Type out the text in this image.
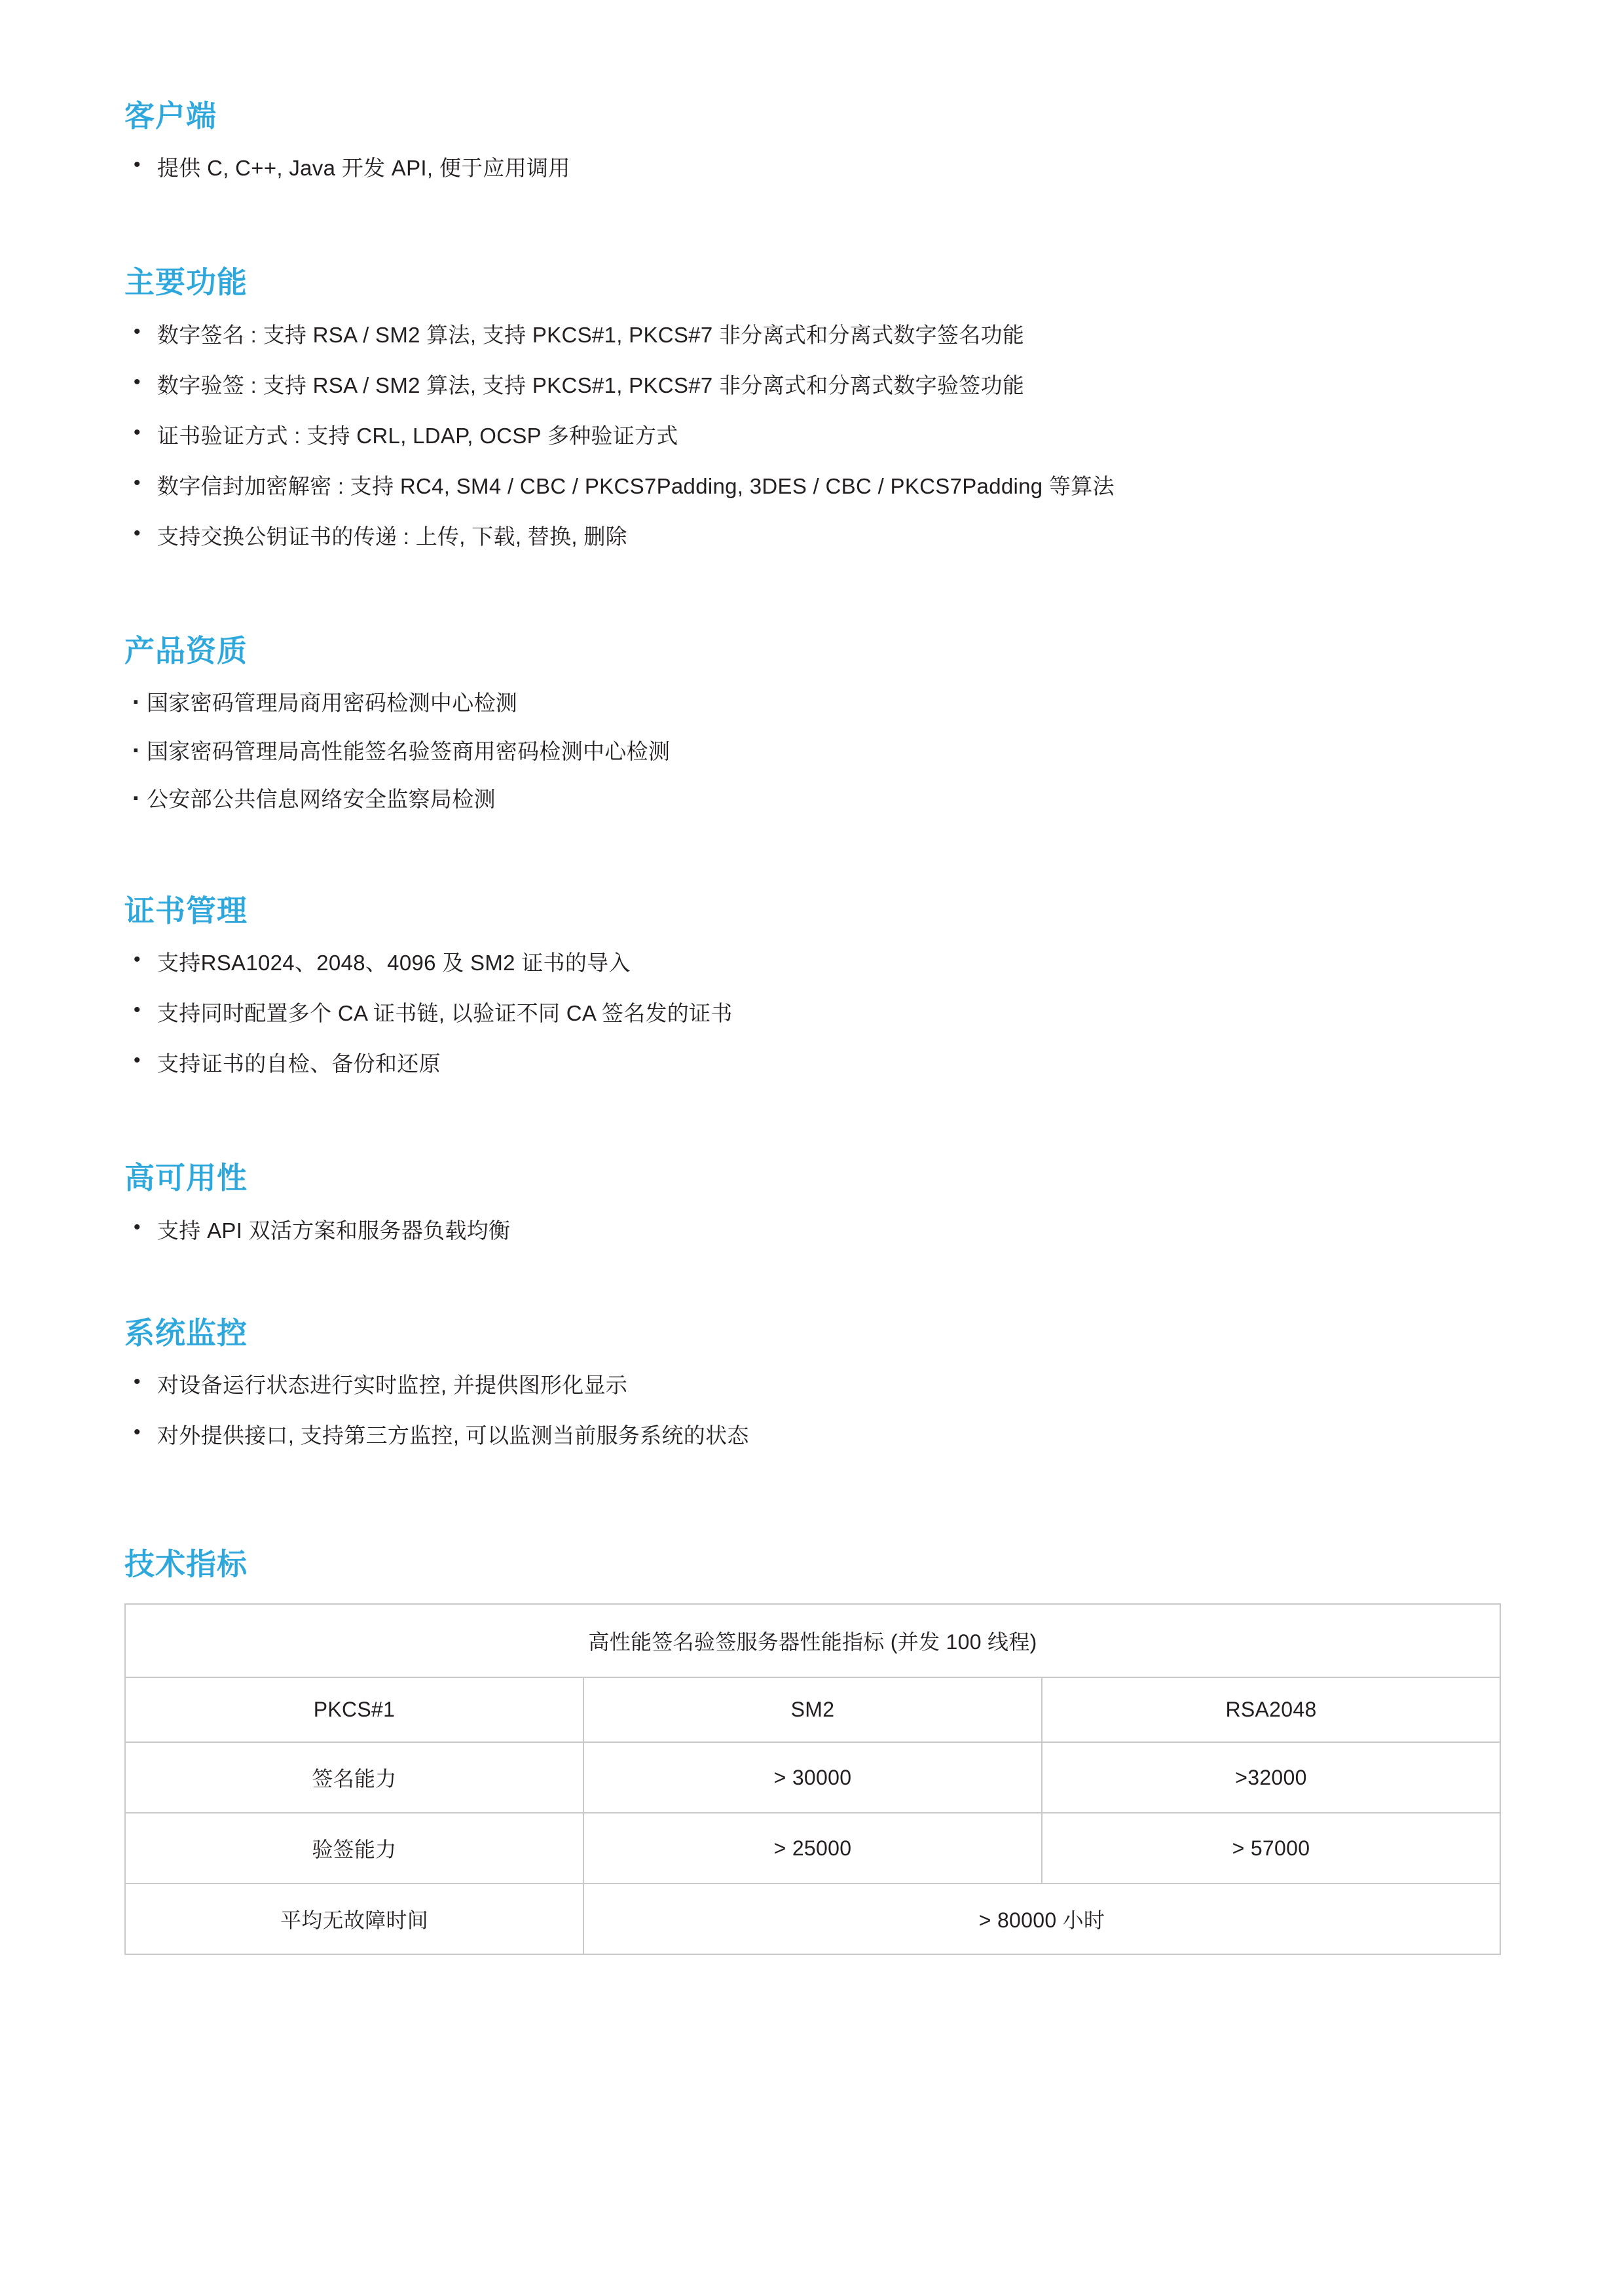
客户端
• 提供 C, C++, Java 开发 API, 便于应用调用
主要功能
• 数字签名 : 支持 RSA / SM2 算法, 支持 PKCS#1, PKCS#7 非分离式和分离式数字签名功能
• 数字验签 : 支持 RSA / SM2 算法, 支持 PKCS#1, PKCS#7 非分离式和分离式数字验签功能
• 证书验证方式 : 支持 CRL, LDAP, OCSP 多种验证方式
• 数字信封加密解密 : 支持 RC4, SM4 / CBC / PKCS7Padding, 3DES / CBC / PKCS7Padding 等算法
• 支持交换公钥证书的传递 : 上传, 下载, 替换, 删除
产品资质
· 国家密码管理局商用密码检测中心检测
· 国家密码管理局高性能签名验签商用密码检测中心检测
· 公安部公共信息网络安全监察局检测
证书管理
• 支持RSA1024、2048、4096 及 SM2 证书的导入
• 支持同时配置多个 CA 证书链, 以验证不同 CA 签名发的证书
• 支持证书的自检、备份和还原
高可用性
• 支持 API 双活方案和服务器负载均衡
系统监控
• 对设备运行状态进行实时监控, 并提供图形化显示
• 对外提供接口, 支持第三方监控, 可以监测当前服务系统的状态
技术指标
高性能签名验签服务器性能指标 (并发 100 线程)		
PKCS#1	SM2	RSA2048
签名能力	> 30000	>32000
验签能力	> 25000	> 57000
平均无故障时间	> 80000 小时	
